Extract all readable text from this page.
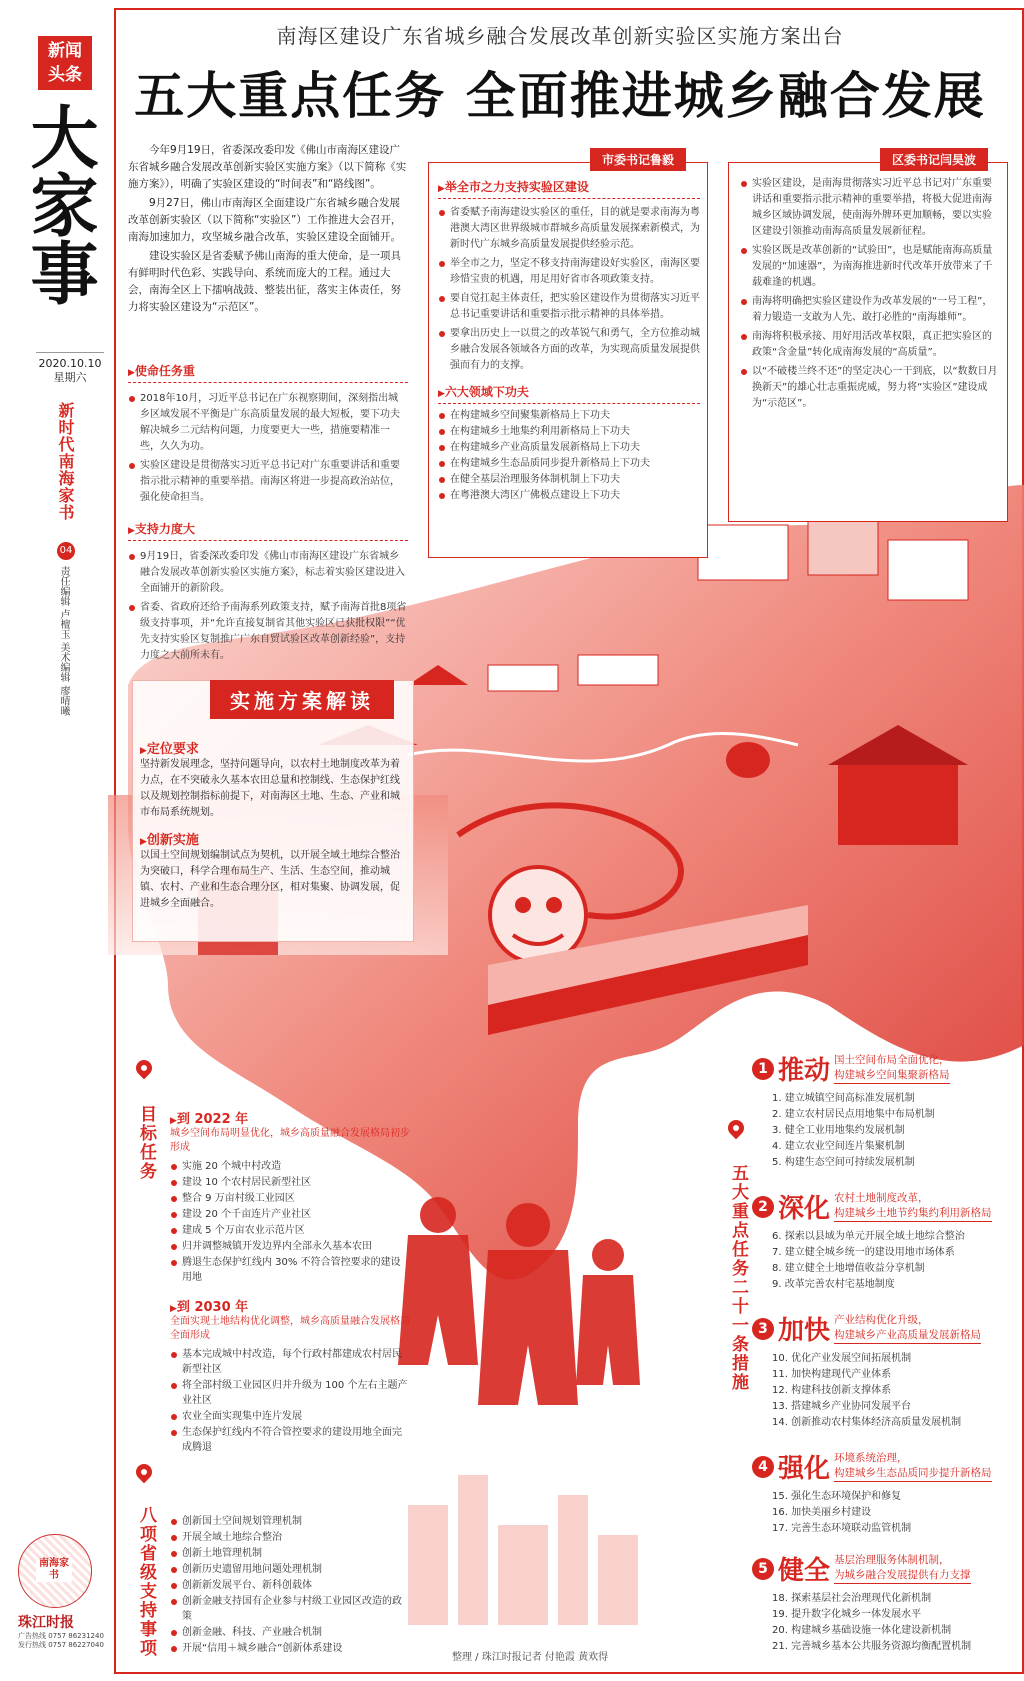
新闻
头条
大家事
2020.10.10
星期六
新时代南海家书
04
责任编辑 卢檀玉 美术编辑 廖晴曦
南海家书
珠江时报
广告热线 0757 86231240
发行热线 0757 86227040
南海区建设广东省城乡融合发展改革创新实验区实施方案出台
五大重点任务 全面推进城乡融合发展

今年9月19日，省委深改委印发《佛山市南海区建设广东省城乡融合发展改革创新实验区实施方案》（以下简称《实施方案》），明确了实验区建设的“时间表”和“路线图”。

9月27日，佛山市南海区全面建设广东省城乡融合发展改革创新实验区（以下简称“实验区”）工作推进大会召开，南海加速加力，攻坚城乡融合改革，实验区建设全面铺开。

建设实验区是省委赋予佛山南海的重大使命，是一项具有鲜明时代色彩、实践导向、系统而庞大的工程。通过大会，南海全区上下擂响战鼓、整装出征，落实主体责任，努力将实验区建设为“示范区”。

▶ 使命任务重

2018年10月，习近平总书记在广东视察期间，深刻指出城乡区域发展不平衡是广东高质量发展的最大短板，要下功夫解决城乡二元结构问题，力度要更大一些，措施要精准一些，久久为功。

实验区建设是贯彻落实习近平总书记对广东重要讲话和重要指示批示精神的重要举措。南海区将进一步提高政治站位，强化使命担当。

▶ 支持力度大

9月19日，省委深改委印发《佛山市南海区建设广东省城乡融合发展改革创新实验区实施方案》，标志着实验区建设进入全面铺开的新阶段。

省委、省政府还给予南海系列政策支持，赋予南海首批8项省级支持事项，并“允许直接复制省其他实验区已获批权限”“优先支持实验区复制推广广东自贸试验区改革创新经验”，支持力度之大前所未有。

市委书记鲁毅
▶ 举全市之力支持实验区建设

省委赋予南海建设实验区的重任，目的就是要求南海为粤港澳大湾区世界级城市群城乡高质量发展探索新模式，为新时代广东城乡高质量发展提供经验示范。

举全市之力，坚定不移支持南海建设好实验区，南海区要珍惜宝贵的机遇，用足用好省市各项政策支持。

要自觉扛起主体责任，把实验区建设作为贯彻落实习近平总书记重要讲话和重要指示批示精神的具体举措。

要拿出历史上一以贯之的改革锐气和勇气，全方位推动城乡融合发展各领域各方面的改革，为实现高质量发展提供强而有力的支撑。

▶ 六大领域下功夫

在构建城乡空间聚集新格局上下功夫

在构建城乡土地集约利用新格局上下功夫

在构建城乡产业高质量发展新格局上下功夫

在构建城乡生态品质同步提升新格局上下功夫

在健全基层治理服务体制机制上下功夫

在粤港澳大湾区广佛极点建设上下功夫

区委书记闫昊波

实验区建设，是南海贯彻落实习近平总书记对广东重要讲话和重要指示批示精神的重要举措，将极大促进南海城乡区域协调发展，使南海外牌环更加顺畅，要以实验区建设引领推动南海高质量发展新征程。

实验区既是改革创新的“试验田”，也是赋能南海高质量发展的“加速器”，为南海推进新时代改革开放带来了千载难逢的机遇。

南海将明确把实验区建设作为改革发展的“一号工程”，着力锻造一支敢为人先、敢打必胜的“南海雄师”。

南海将积极承接、用好用活改革权限，真正把实验区的政策“含金量”转化成南海发展的“高质量”。

以“不破楼兰终不还”的坚定决心一干到底，以“数数日月换新天”的雄心壮志重振虎威，努力将“实验区”建设成为“示范区”。

实施方案解读
▶ 定位要求

坚持新发展理念，坚持问题导向，以农村土地制度改革为着力点，在不突破永久基本农田总量和控制线、生态保护红线以及规划控制指标前提下，对南海区土地、生态、产业和城市布局系统规划。

▶ 创新实施

以国土空间规划编制试点为契机，以开展全域土地综合整治为突破口，科学合理布局生产、生活、生态空间，推动城镇、农村、产业和生态合理分区，相对集聚、协调发展，促进城乡全面融合。

目标任务
▶	到 2022 年
城乡空间布局明显优化，城乡高质量融合发展格局初步形成

实施 20 个城中村改造

建设 10 个农村居民新型社区

整合 9 万亩村级工业园区

建设 20 个千亩连片产业社区

建成 5 个万亩农业示范片区

归并调整城镇开发边界内全部永久基本农田

腾退生态保护红线内 30% 不符合管控要求的建设用地

▶ 到 2030 年
全面实现土地结构优化调整，城乡高质量融合发展格局全面形成

基本完成城中村改造，每个行政村都建成农村居民新型社区

将全部村级工业园区归并升级为 100 个左右主题产业社区

农业全面实现集中连片发展

生态保护红线内不符合管控要求的建设用地全面完成腾退

八项省级支持事项	创新国土空间规划管理机制

开展全域土地综合整治

创新土地管理机制

创新历史遗留用地问题处理机制

创新新发展平台、新科创载体

创新金融支持国有企业参与村级工业园区改造的政策

创新金融、科技、产业融合机制

开展“信用＋城乡融合”创新体系建设

五大重点任务二十一条措施
1 推动 国土空间布局全面优化，
构建城乡空间集聚新格局
1. 建立城镇空间高标准发展机制
2. 建立农村居民点用地集中布局机制
3. 健全工业用地集约发展机制
4. 建立农业空间连片集聚机制
5. 构建生态空间可持续发展机制
2 深化 农村土地制度改革，
构建城乡土地节约集约利用新格局
6. 探索以县域为单元开展全域土地综合整治
7. 建立健全城乡统一的建设用地市场体系
8. 建立健全土地增值收益分享机制
9. 改革完善农村宅基地制度
3 加快 产业结构优化升级，
构建城乡产业高质量发展新格局
10. 优化产业发展空间拓展机制
11. 加快构建现代产业体系
12. 构建科技创新支撑体系
13. 搭建城乡产业协同发展平台
14. 创新推动农村集体经济高质量发展机制
4 强化 环境系统治理，
构建城乡生态品质同步提升新格局
15. 强化生态环境保护和修复
16. 加快美丽乡村建设
17. 完善生态环境联动监管机制
5 健全 基层治理服务体制机制，
为城乡融合发展提供有力支撑
18. 探索基层社会治理现代化新机制
19. 提升数字化城乡一体发展水平
20. 构建城乡基础设施一体化建设新机制
21. 完善城乡基本公共服务资源均衡配置机制
整理 / 珠江时报记者 付艳霞 黄欢得
